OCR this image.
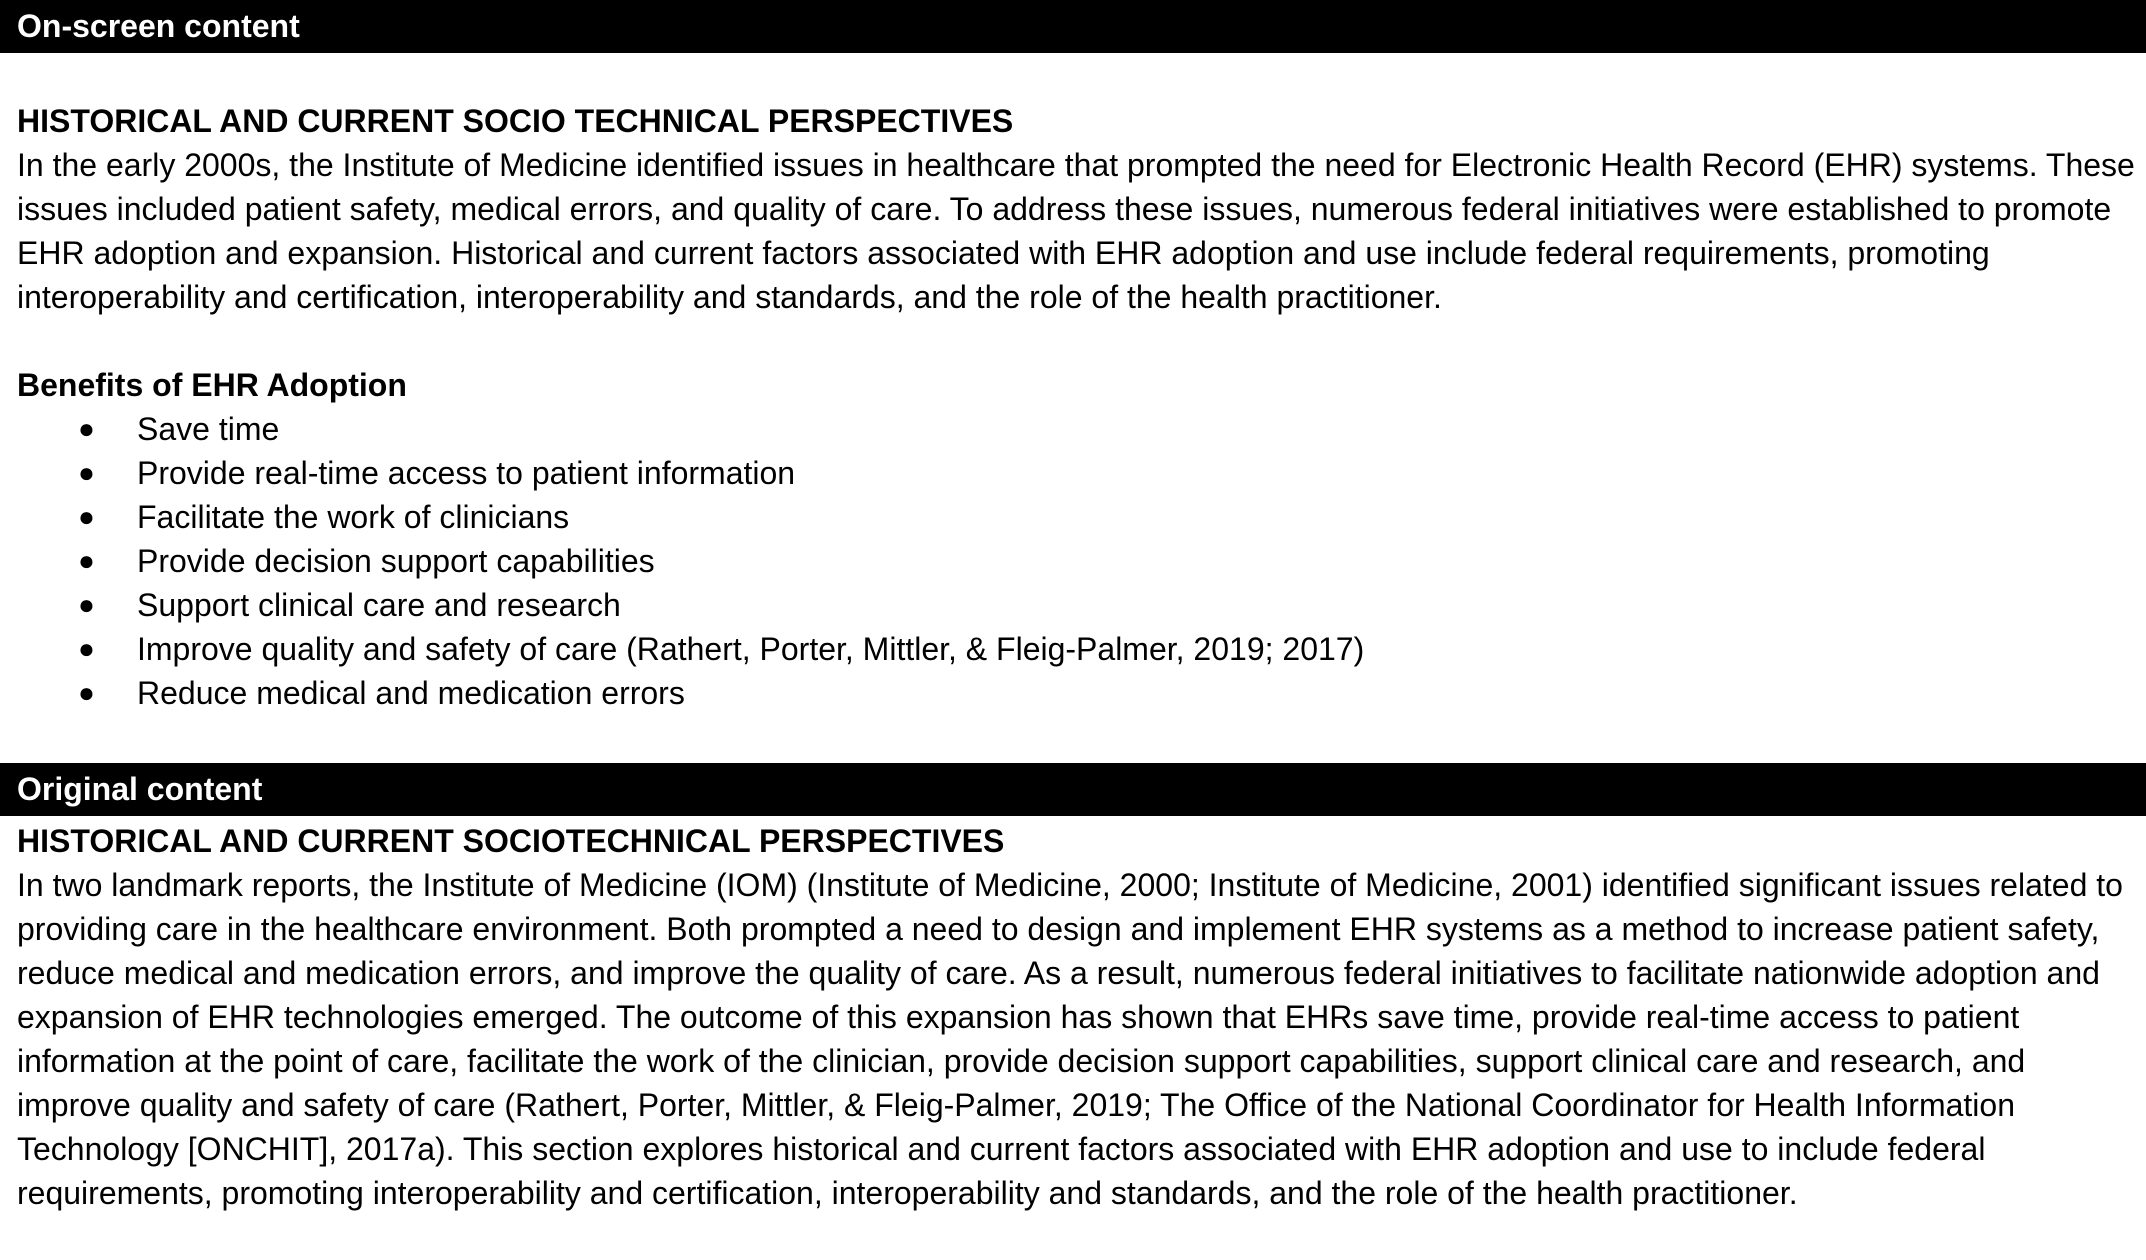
On-screen content

HISTORICAL AND CURRENT SOCIO TECHNICAL PERSPECTIVES

In the early 2000s, the Institute of Medicine identified issues in healthcare that prompted the need for Electronic Health Record (EHR) systems. These issues included patient safety, medical errors, and quality of care. To address these issues, numerous federal initiatives were established to promote EHR adoption and expansion. Historical and current factors associated with EHR adoption and use include federal requirements, promoting interoperability and certification, interoperability and standards, and the role of the health practitioner.

Benefits of EHR Adoption

● Save time
● Provide real-time access to patient information
● Facilitate the work of clinicians
● Provide decision support capabilities
● Support clinical care and research
● Improve quality and safety of care (Rathert, Porter, Mittler, & Fleig-Palmer, 2019; 2017)
● Reduce medical and medication errors
Original content

HISTORICAL AND CURRENT SOCIOTECHNICAL PERSPECTIVES

In two landmark reports, the Institute of Medicine (IOM) (Institute of Medicine, 2000; Institute of Medicine, 2001) identified significant issues related to providing care in the healthcare environment. Both prompted a need to design and implement EHR systems as a method to increase patient safety, reduce medical and medication errors, and improve the quality of care. As a result, numerous federal initiatives to facilitate nationwide adoption and expansion of EHR technologies emerged. The outcome of this expansion has shown that EHRs save time, provide real-time access to patient information at the point of care, facilitate the work of the clinician, provide decision support capabilities, support clinical care and research, and improve quality and safety of care (Rathert, Porter, Mittler, & Fleig-Palmer, 2019; The Office of the National Coordinator for Health Information Technology [ONCHIT], 2017a). This section explores historical and current factors associated with EHR adoption and use to include federal requirements, promoting interoperability and certification, interoperability and standards, and the role of the health practitioner.
